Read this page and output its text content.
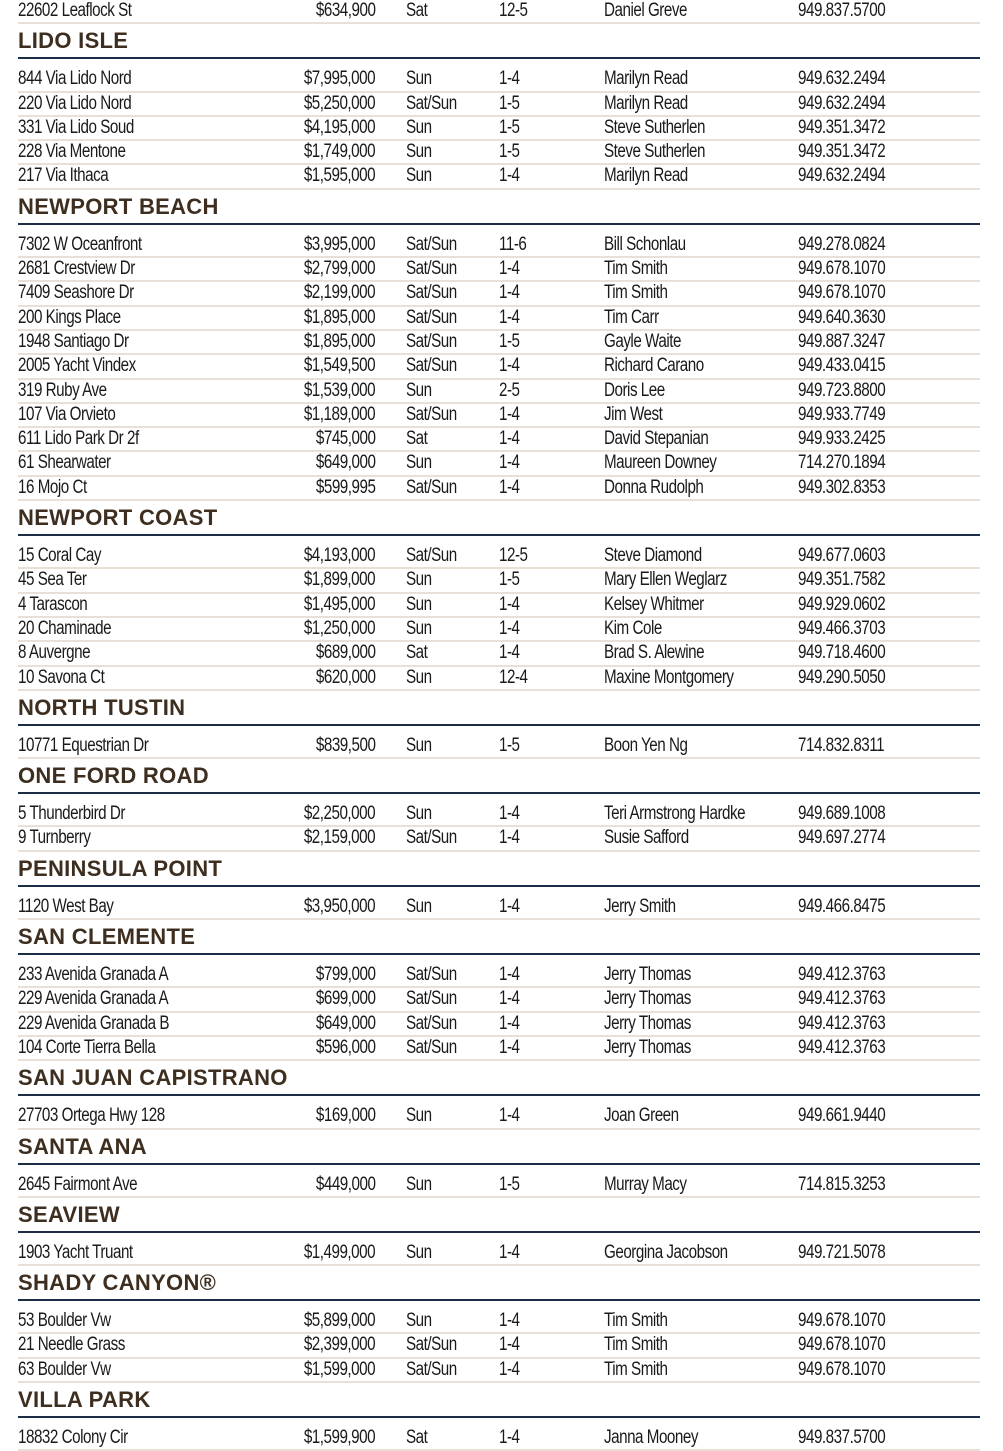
22602 Leaflock St	$634,900 Sat	12-5	Daniel Greve	949.837.5700
LIDO ISLE
844 Via Lido Nord	$7,995,000 Sun	1-4	Marilyn Read	949.632.2494
220 Via Lido Nord	$5,250,000 Sat/Sun 1-5	Marilyn Read	949.632.2494
331 Via Lido Soud	$4,195,000 Sun	1-5	Steve Sutherlen	949.351.3472
228 Via Mentone	$1,749,000 Sun	1-5	Steve Sutherlen	949.351.3472
217 Via Ithaca	$1,595,000 Sun	1-4	Marilyn Read	949.632.2494
NEWPORT BEACH
7302 W Oceanfront	$3,995,000 Sat/Sun 11-6	Bill Schonlau	949.278.0824
2681 Crestview Dr	$2,799,000 Sat/Sun 1-4	Tim Smith	949.678.1070
7409 Seashore Dr	$2,199,000 Sat/Sun 1-4	Tim Smith	949.678.1070
200 Kings Place	$1,895,000 Sat/Sun 1-4	Tim Carr	949.640.3630
1948 Santiago Dr	$1,895,000 Sat/Sun 1-5	Gayle Waite	949.887.3247
2005 Yacht Vindex	$1,549,500 Sat/Sun 1-4	Richard Carano	949.433.0415
319 Ruby Ave	$1,539,000 Sun	2-5	Doris Lee	949.723.8800
107 Via Orvieto	$1,189,000 Sat/Sun 1-4	Jim West	949.933.7749
611 Lido Park Dr 2f	$745,000 Sat	1-4	David Stepanian	949.933.2425
61 Shearwater	$649,000 Sun	1-4	Maureen Downey	714.270.1894
16 Mojo Ct	$599,995 Sat/Sun 1-4	Donna Rudolph	949.302.8353
NEWPORT COAST
15 Coral Cay	$4,193,000 Sat/Sun 12-5	Steve Diamond	949.677.0603
45 Sea Ter	$1,899,000 Sun	1-5	Mary Ellen Weglarz	949.351.7582
4 Tarascon	$1,495,000 Sun	1-4	Kelsey Whitmer	949.929.0602
20 Chaminade	$1,250,000 Sun	1-4	Kim Cole	949.466.3703
8 Auvergne	$689,000 Sat	1-4	Brad S. Alewine	949.718.4600
10 Savona Ct	$620,000 Sun	12-4	Maxine Montgomery	949.290.5050
NORTH TUSTIN
10771 Equestrian Dr	$839,500 Sun	1-5	Boon Yen Ng	714.832.8311
ONE FORD ROAD
5 Thunderbird Dr	$2,250,000 Sun	1-4	Teri Armstrong Hardke	949.689.1008
9 Turnberry	$2,159,000 Sat/Sun 1-4	Susie Safford	949.697.2774
PENINSULA POINT
1120 West Bay	$3,950,000 Sun	1-4	Jerry Smith	949.466.8475
SAN CLEMENTE
233 Avenida Granada A	$799,000 Sat/Sun 1-4	Jerry Thomas	949.412.3763
229 Avenida Granada A	$699,000 Sat/Sun 1-4	Jerry Thomas	949.412.3763
229 Avenida Granada B	$649,000 Sat/Sun 1-4	Jerry Thomas	949.412.3763
104 Corte Tierra Bella	$596,000 Sat/Sun 1-4	Jerry Thomas	949.412.3763
SAN JUAN CAPISTRANO
27703 Ortega Hwy 128	$169,000 Sun	1-4	Joan Green	949.661.9440
SANTA ANA
2645 Fairmont Ave	$449,000 Sun	1-5	Murray Macy	714.815.3253
SEAVIEW
1903 Yacht Truant	$1,499,000 Sun	1-4	Georgina Jacobson	949.721.5078
SHADY CANYON®
53 Boulder Vw	$5,899,000 Sun	1-4	Tim Smith	949.678.1070
21 Needle Grass	$2,399,000 Sat/Sun 1-4	Tim Smith	949.678.1070
63 Boulder Vw	$1,599,000 Sat/Sun 1-4	Tim Smith	949.678.1070
VILLA PARK
18832 Colony Cir	$1,599,900 Sat	1-4	Janna Mooney	949.837.5700
